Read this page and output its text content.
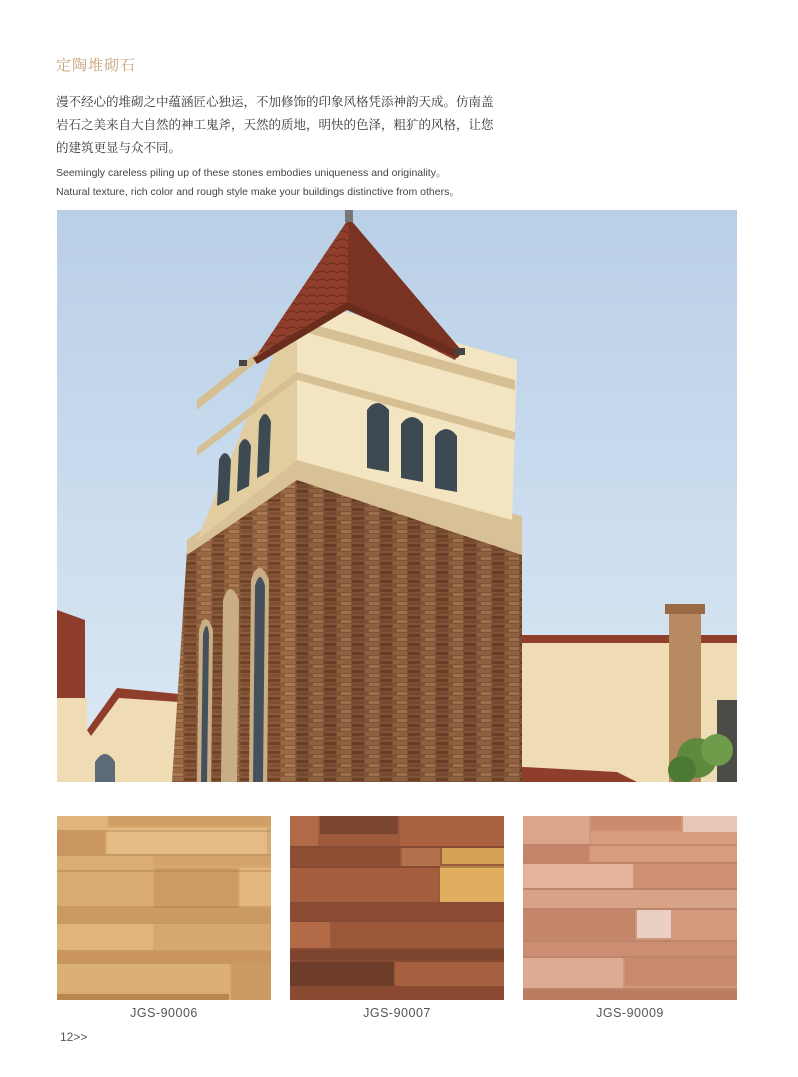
定陶堆砌石
漫不经心的堆砌之中蕴涵匠心独运，不加修饰的印象风格凭添神韵天成。仿南盖
岩石之美来自大自然的神工鬼斧，天然的质地，明快的色泽，粗犷的风格，让您
的建筑更显与众不同。
Seemingly careless piling up of these stones embodies uniqueness and originality。
Natural texture, rich color and rough style make your buildings distinctive from others。
JGS-90006	JGS-90007	JGS-90009
12>>
